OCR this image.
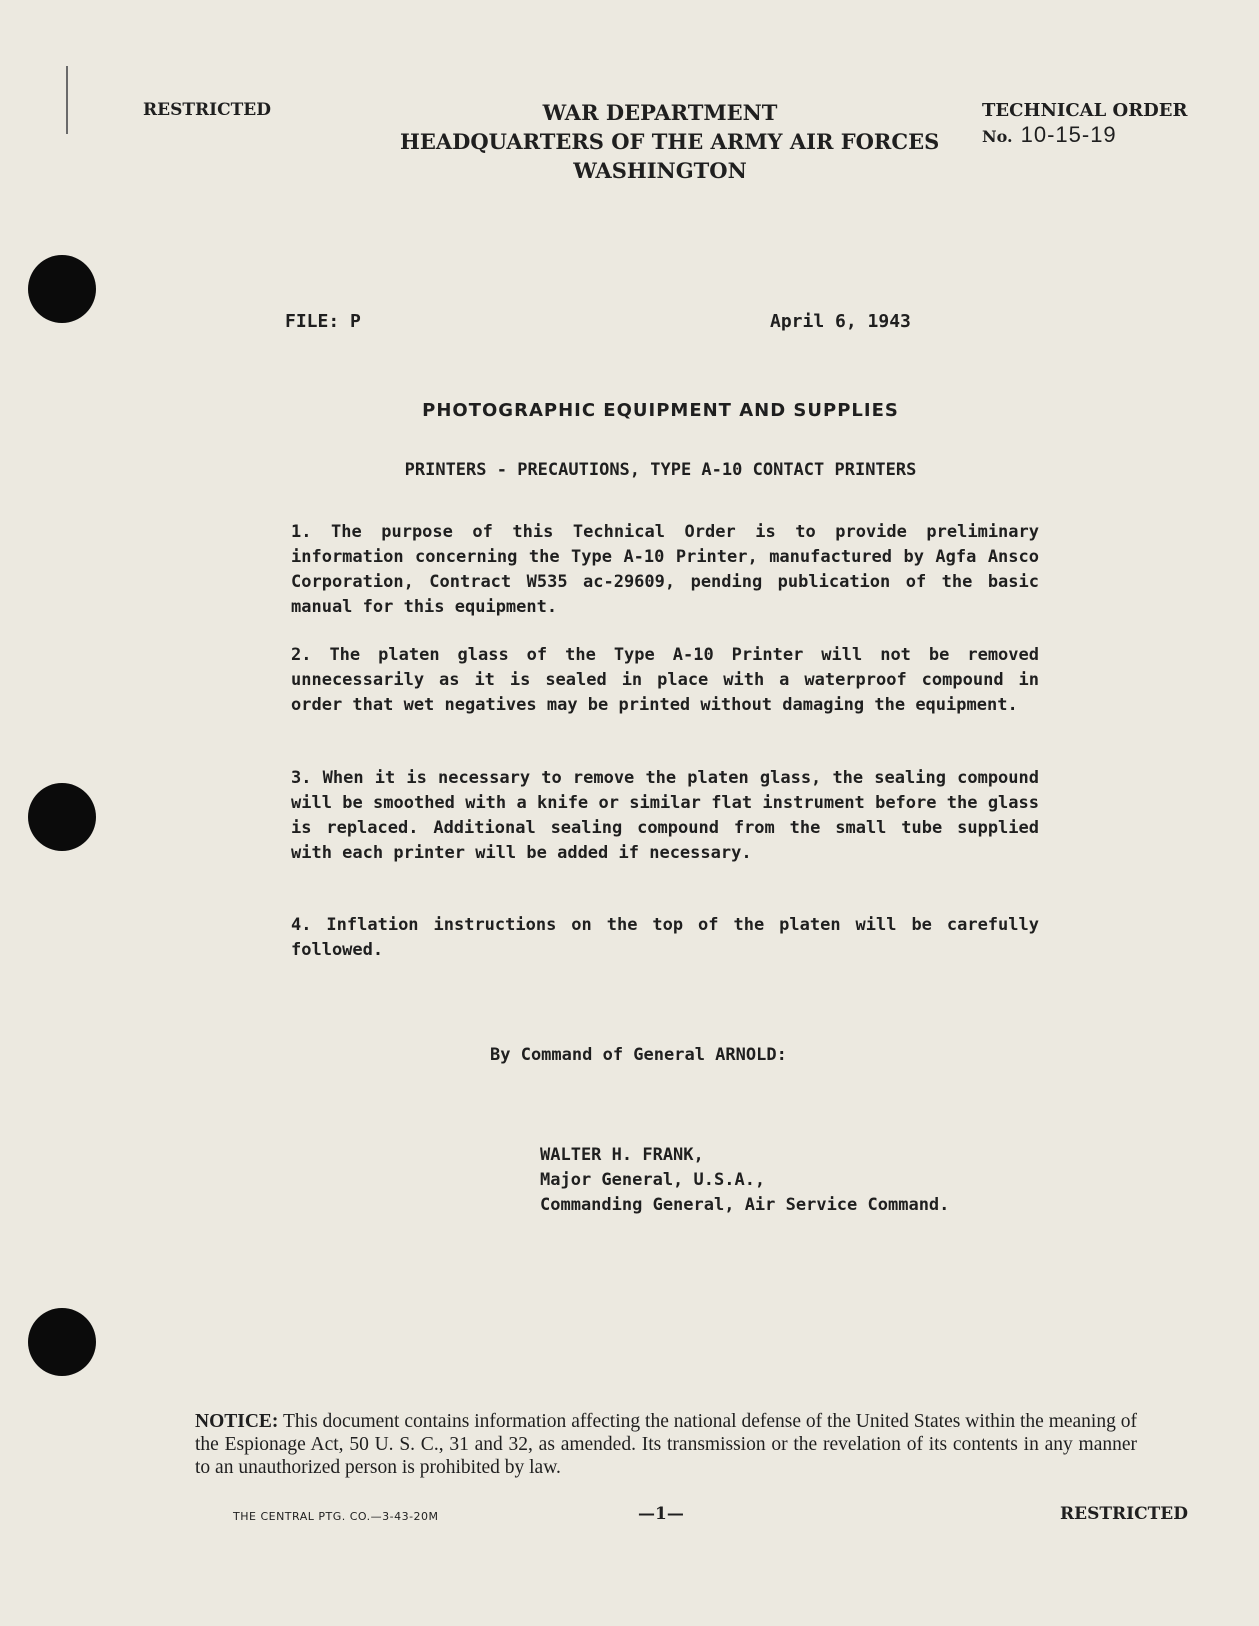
RESTRICTED	WAR DEPARTMENT
HEADQUARTERS OF THE ARMY AIR FORCES
WASHINGTON
TECHNICAL ORDER
No. 10-15-19
FILE: P	April 6, 1943
PHOTOGRAPHIC EQUIPMENT AND SUPPLIES
PRINTERS - PRECAUTIONS, TYPE A-10 CONTACT PRINTERS
1. The purpose of this Technical Order is to provide preliminary information concerning the Type A-10 Printer, manufactured by Agfa Ansco Corporation, Contract W535 ac-29609, pending publication of the basic manual for this equipment.
2. The platen glass of the Type A-10 Printer will not be removed unnecessarily as it is sealed in place with a waterproof compound in order that wet negatives may be printed without damaging the equipment.
3. When it is necessary to remove the platen glass, the sealing compound will be smoothed with a knife or similar flat instrument before the glass is replaced. Additional sealing compound from the small tube supplied with each printer will be added if necessary.
4. Inflation instructions on the top of the platen will be carefully followed.
By Command of General ARNOLD:
WALTER H. FRANK,
Major General, U.S.A.,
Commanding General, Air Service Command.
NOTICE: This document contains information affecting the national defense of the United States within the meaning of the Espionage Act, 50 U. S. C., 31 and 32, as amended. Its transmission or the revelation of its contents in any manner to an unauthorized person is prohibited by law.
THE CENTRAL PTG. CO.—3-43-20M	—1—	RESTRICTED
